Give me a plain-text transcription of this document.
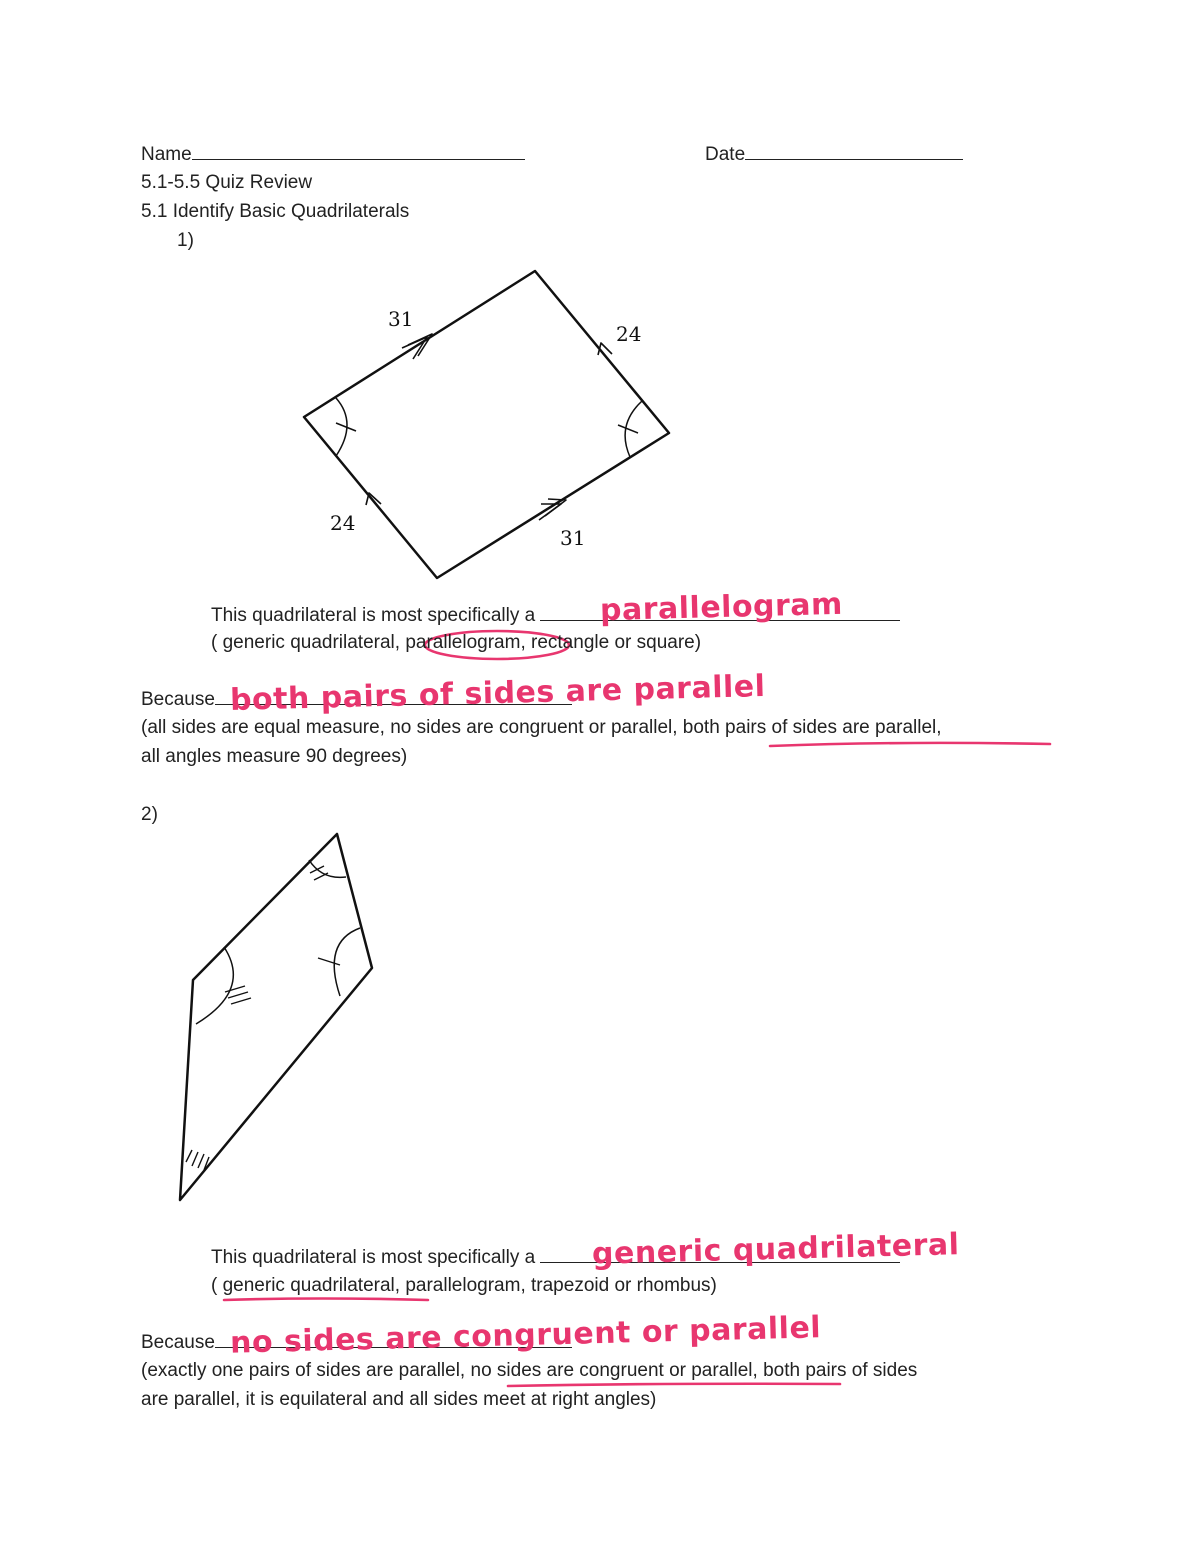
Name	Date
5.1-5.5 Quiz Review
5.1 Identify Basic Quadrilaterals
1)
31
24
24
31
This quadrilateral is most specifically a	parallelogram
( generic quadrilateral, parallelogram, rectangle or square)
Because both pairs of sides are parallel
(all sides are equal measure, no sides are congruent or parallel, both pairs of sides are parallel,
all angles measure 90 degrees)
2)
This quadrilateral is most specifically a	generic quadrilateral
( generic quadrilateral, parallelogram, trapezoid or rhombus)
Because no sides are congruent or parallel
(exactly one pairs of sides are parallel, no sides are congruent or parallel, both pairs of sides
are parallel, it is equilateral and all sides meet at right angles)
